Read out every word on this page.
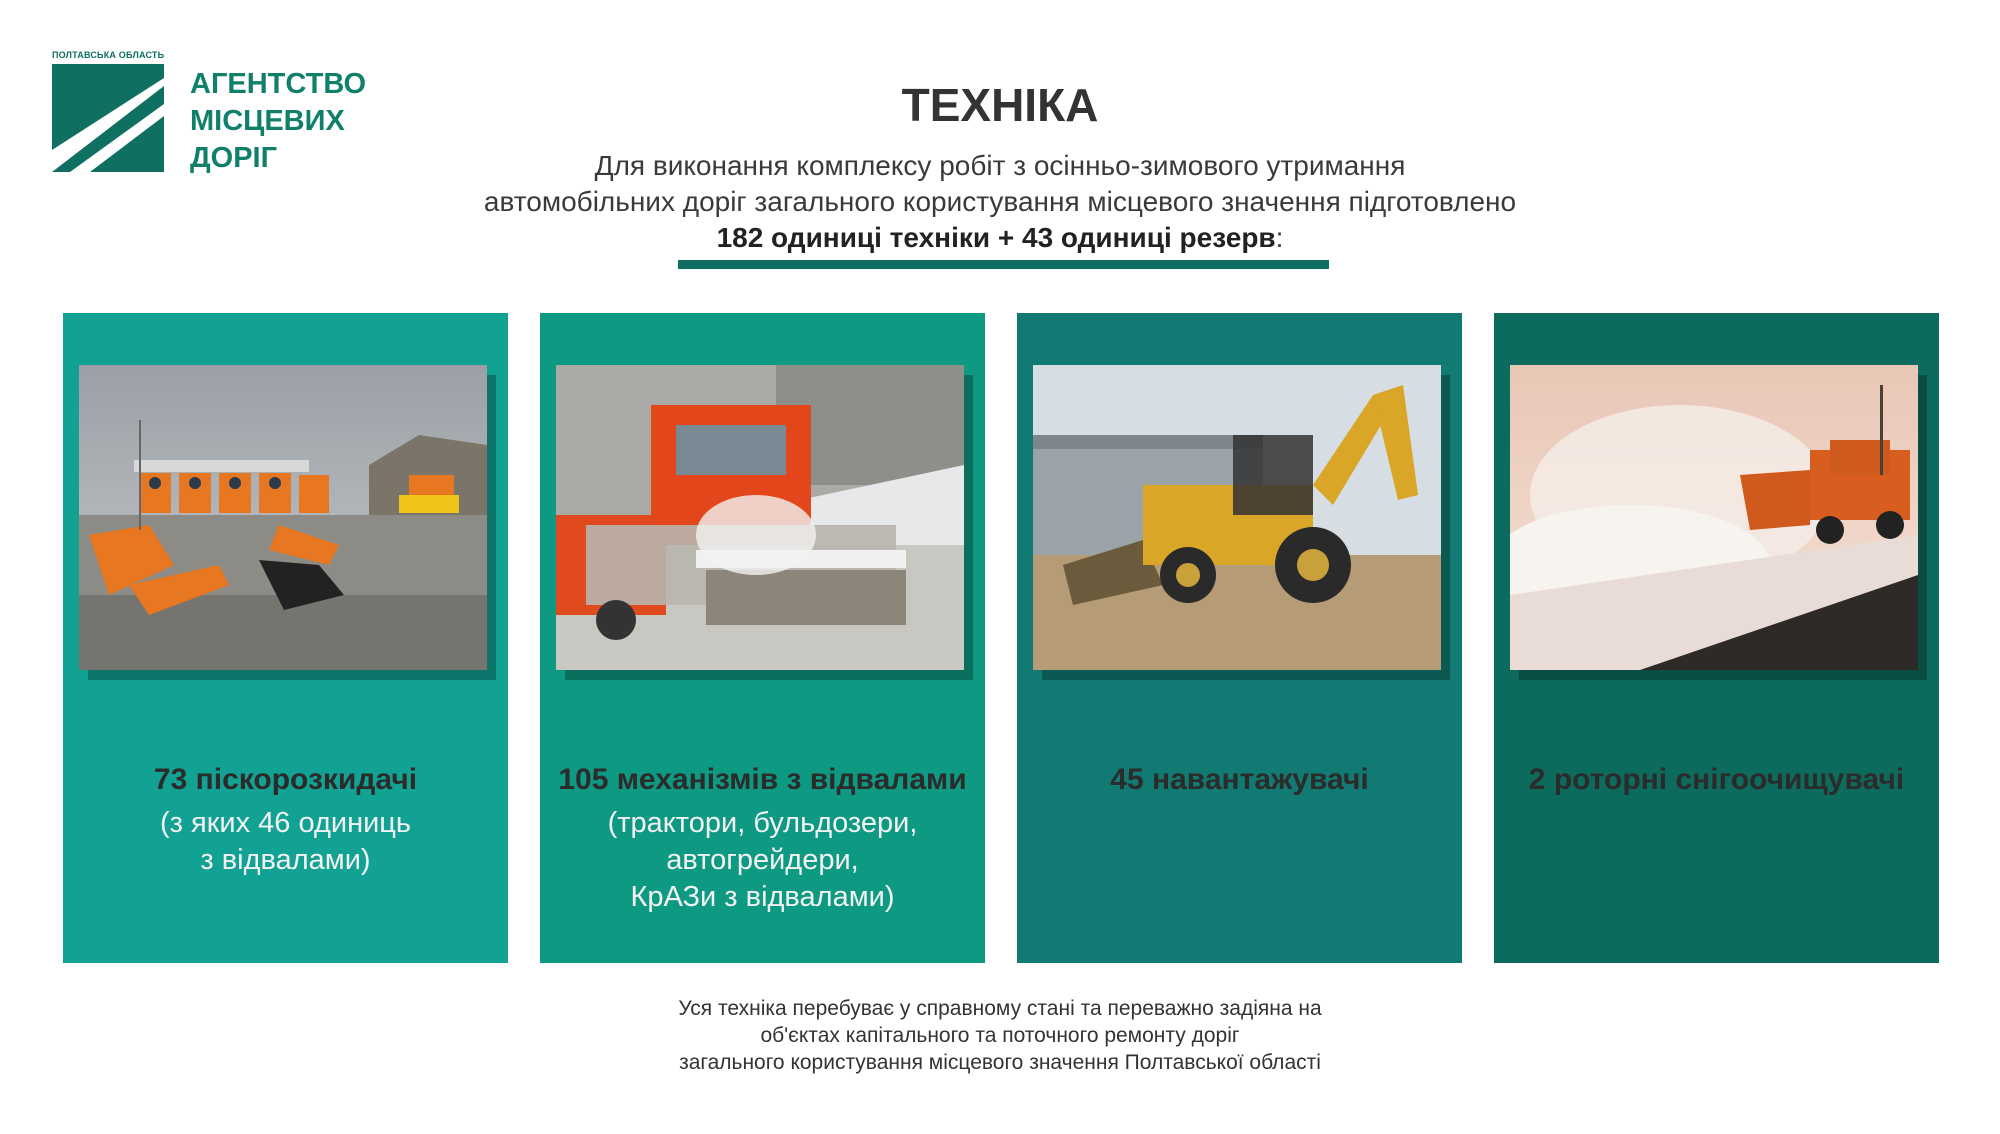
ПОЛТАВСЬКА ОБЛАСТЬ
АГЕНТСТВО
МІСЦЕВИХ
ДОРІГ
ТЕХНІКА
Для виконання комплексу робіт з осінньо-зимового утримання
автомобільних доріг загального користування місцевого значення підготовлено
182 одиниці техніки + 43 одиниці резерв:
73 піскорозкидачі
(з яких 46 одиниць
з відвалами)
105 механізмів з відвалами
(трактори, бульдозери,
автогрейдери,
КрАЗи з відвалами)
45 навантажувачі	2 роторні снігоочищувачі
Уся техніка перебуває у справному стані та переважно задіяна на
об'єктах капітального та поточного ремонту доріг
загального користування місцевого значення Полтавської області
